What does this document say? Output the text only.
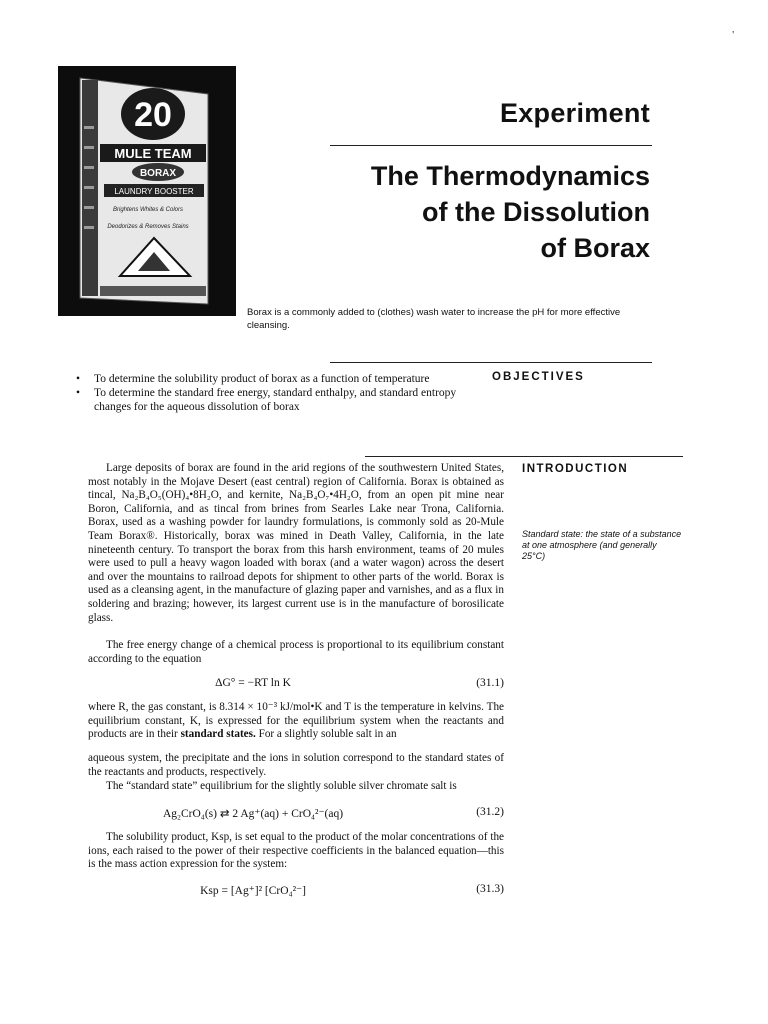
'
20
MULE TEAM
BORAX
LAUNDRY BOOSTER
Brightens Whites & Colors
Deodorizes & Removes Stains
Experiment
The Thermodynamics
of the Dissolution
of Borax
Borax is a commonly added to (clothes) wash water to increase the pH for more effective cleansing.
OBJECTIVES
• To determine the solubility product of borax as a function of temperature
• To determine the standard free energy, standard enthalpy, and standard entropy changes for the aqueous dissolution of borax
INTRODUCTION
Standard state: the state of a substance at one atmosphere (and generally 25°C)
Large deposits of borax are found in the arid regions of the southwestern United States, most notably in the Mojave Desert (east central) region of California. Borax is obtained as tincal, Na₂B₄O₅(OH)₄•8H₂O, and kernite, Na₂B₄O₇•4H₂O, from an open pit mine near Boron, California, and as tincal from brines from Searles Lake near Trona, California. Borax, used as a washing powder for laundry formulations, is commonly sold as 20-Mule Team Borax®. Historically, borax was mined in Death Valley, California, in the late nineteenth century. To transport the borax from this harsh environment, teams of 20 mules were used to pull a heavy wagon loaded with borax (and a water wagon) across the desert and over the mountains to railroad depots for shipment to other parts of the world. Borax is used as a cleansing agent, in the manufacture of glazing paper and varnishes, and as a flux in soldering and brazing; however, its largest current use is in the manufacture of borosilicate glass.
The free energy change of a chemical process is proportional to its equilibrium constant according to the equation
ΔG° = −RT ln K	(31.1)
where R, the gas constant, is 8.314 × 10⁻³ kJ/mol•K and T is the temperature in kelvins. The equilibrium constant, K, is expressed for the equilibrium system when the reactants and products are in their standard states. For a slightly soluble salt in an
aqueous system, the precipitate and the ions in solution correspond to the standard states of the reactants and products, respectively.
The “standard state” equilibrium for the slightly soluble silver chromate salt is
Ag₂CrO₄(s) ⇄ 2 Ag⁺(aq) + CrO₄²⁻(aq)	(31.2)
The solubility product, Ksp, is set equal to the product of the molar concentrations of the ions, each raised to the power of their respective coefficients in the balanced equation—this is the mass action expression for the system:
Ksp = [Ag⁺]² [CrO₄²⁻]	(31.3)
